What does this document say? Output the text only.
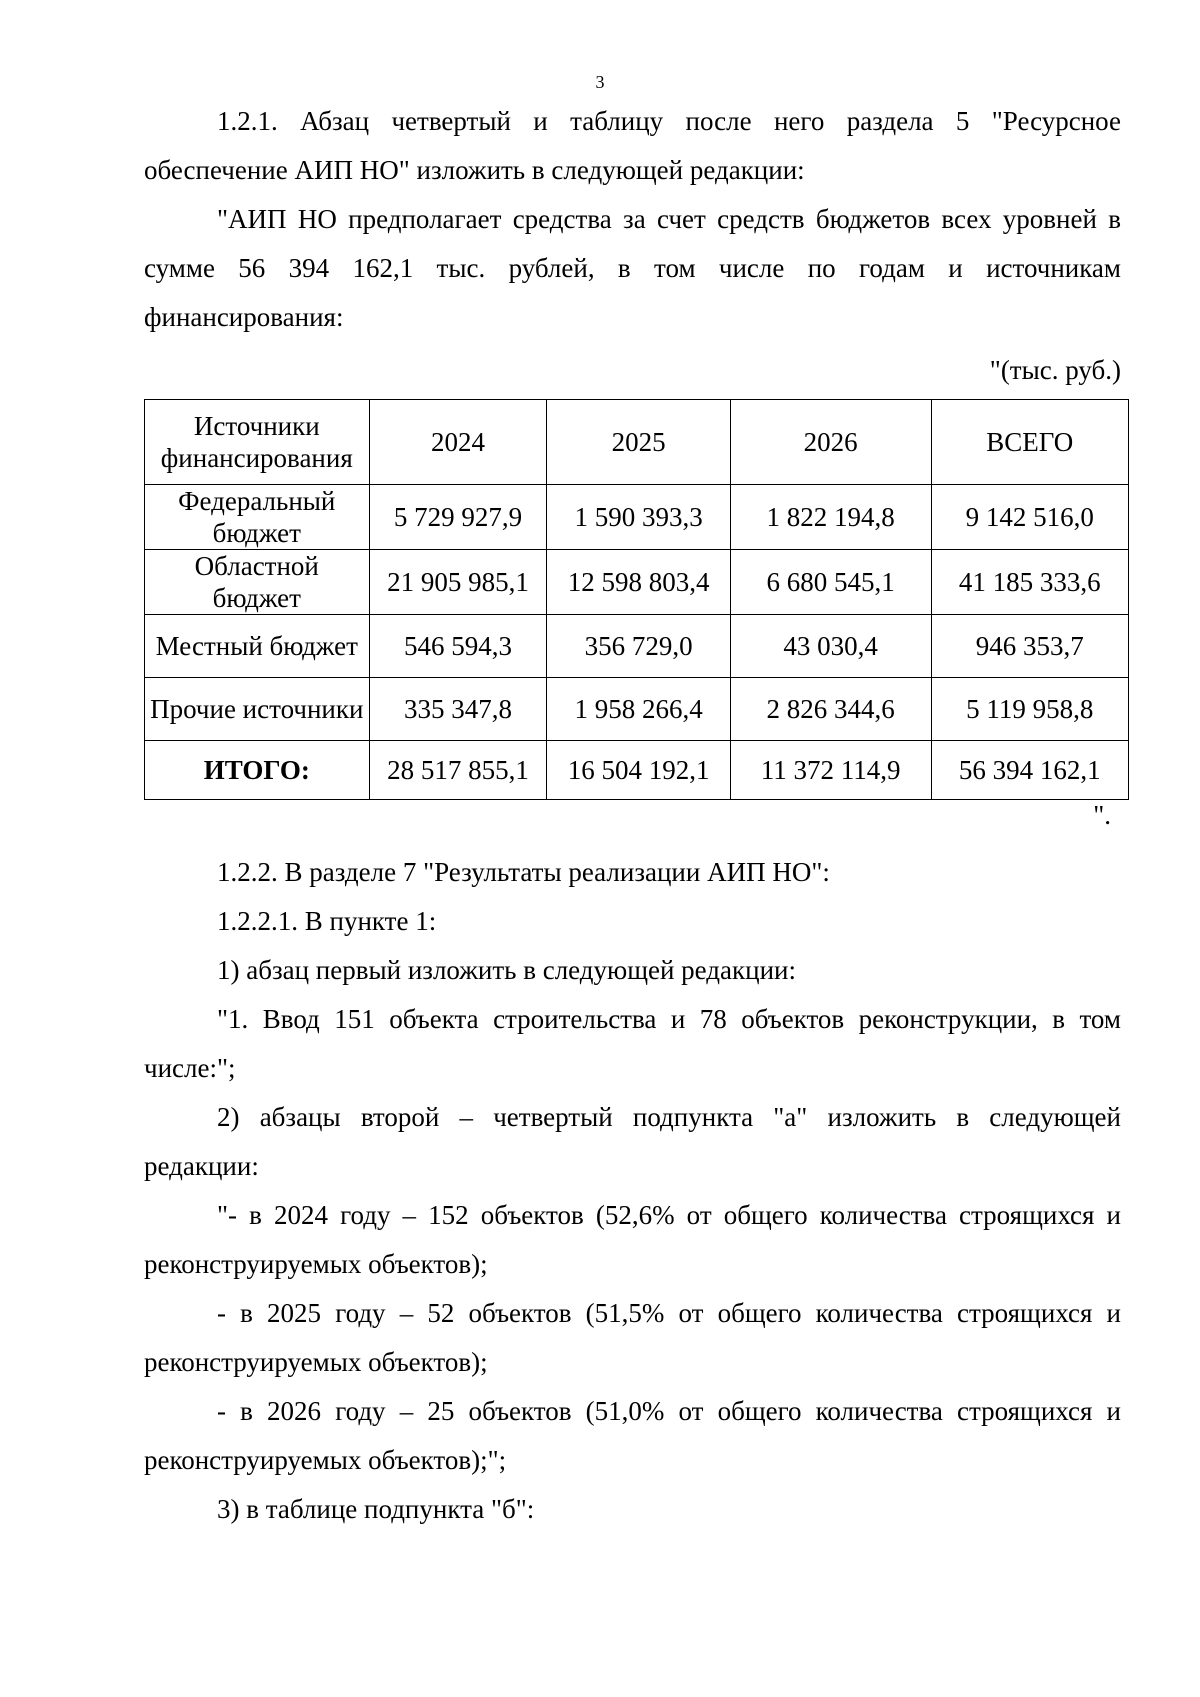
3

1.2.1. Абзац четвертый и таблицу после него раздела 5 "Ресурсное обеспечение АИП НО" изложить в следующей редакции:

"АИП НО предполагает средства за счет средств бюджетов всех уровней в сумме 56 394 162,1 тыс. рублей, в том числе по годам и источникам финансирования:

"(тыс. руб.)

Источники финансирования	2024	2025	2026	ВСЕГО
Федеральный бюджет	5 729 927,9	1 590 393,3	1 822 194,8	9 142 516,0
Областной бюджет	21 905 985,1	12 598 803,4	6 680 545,1	41 185 333,6
Местный бюджет	546 594,3	356 729,0	43 030,4	946 353,7
Прочие источники	335 347,8	1 958 266,4	2 826 344,6	5 119 958,8
ИТОГО:	28 517 855,1	16 504 192,1	11 372 114,9	56 394 162,1

".

1.2.2. В разделе 7 "Результаты реализации АИП НО":

1.2.2.1. В пункте 1:

1) абзац первый изложить в следующей редакции:

"1. Ввод 151 объекта строительства и 78 объектов реконструкции, в том числе:";

2) абзацы второй – четвертый подпункта "а" изложить в следующей редакции:

"- в 2024 году – 152 объектов (52,6% от общего количества строящихся и реконструируемых объектов);

- в 2025 году – 52 объектов (51,5% от общего количества строящихся и реконструируемых объектов);

- в 2026 году – 25 объектов (51,0% от общего количества строящихся и реконструируемых объектов);";

3) в таблице подпункта "б":
